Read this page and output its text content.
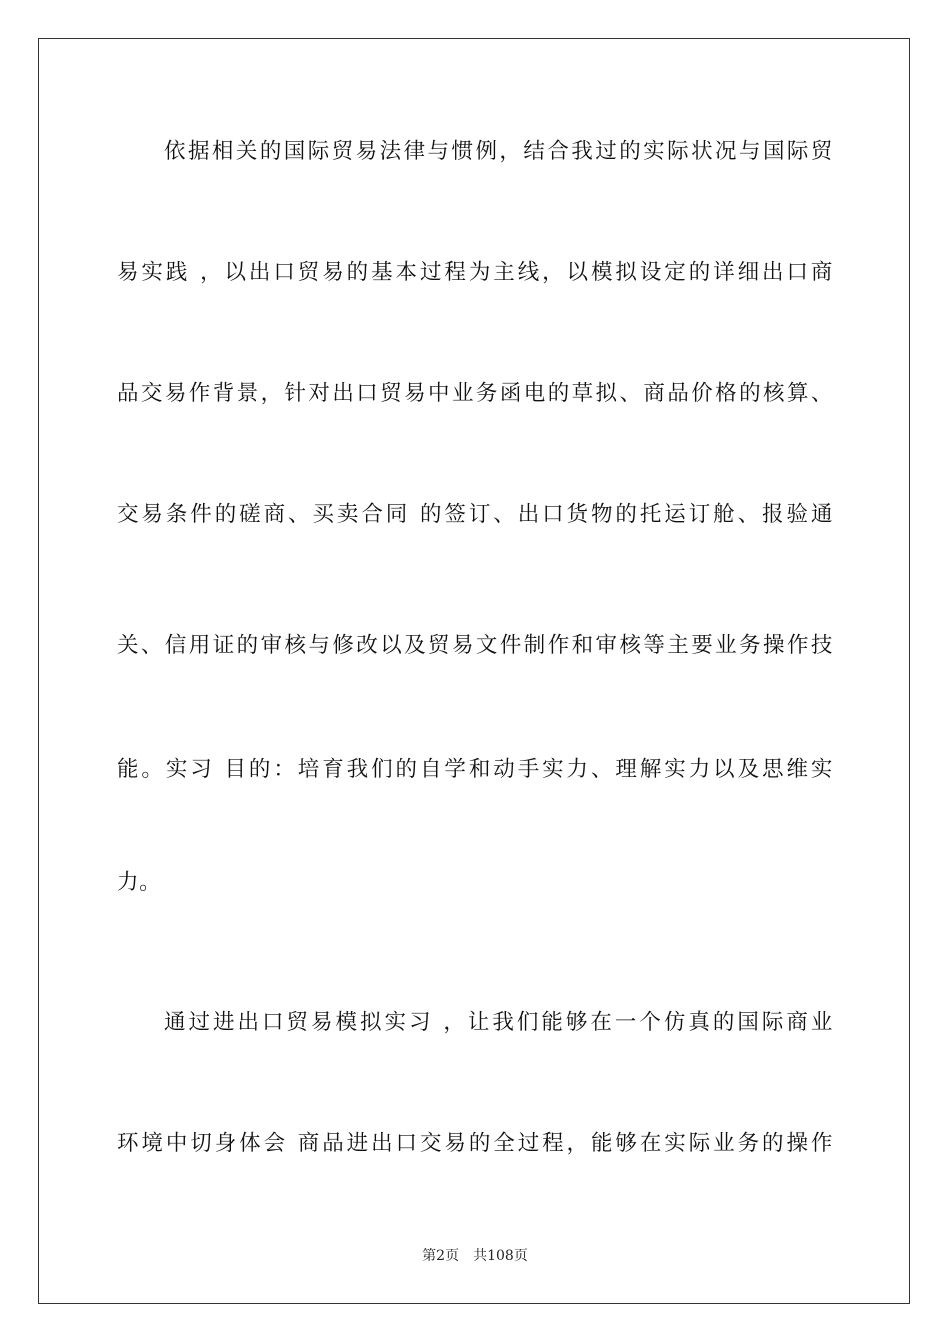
依据相关的国际贸易法律与惯例，结合我过的实际状况与国际贸
易实践 ，以出口贸易的基本过程为主线，以模拟设定的详细出口商
品交易作背景，针对出口贸易中业务函电的草拟、商品价格的核算、
交易条件的磋商、买卖合同 的签订、出口货物的托运订舱、报验通
关、信用证的审核与修改以及贸易文件制作和审核等主要业务操作技
能。实习 目的：培育我们的自学和动手实力、理解实力以及思维实
力。
通过进出口贸易模拟实习 ，让我们能够在一个仿真的国际商业
环境中切身体会 商品进出口交易的全过程，能够在实际业务的操作
第2页 共108页
